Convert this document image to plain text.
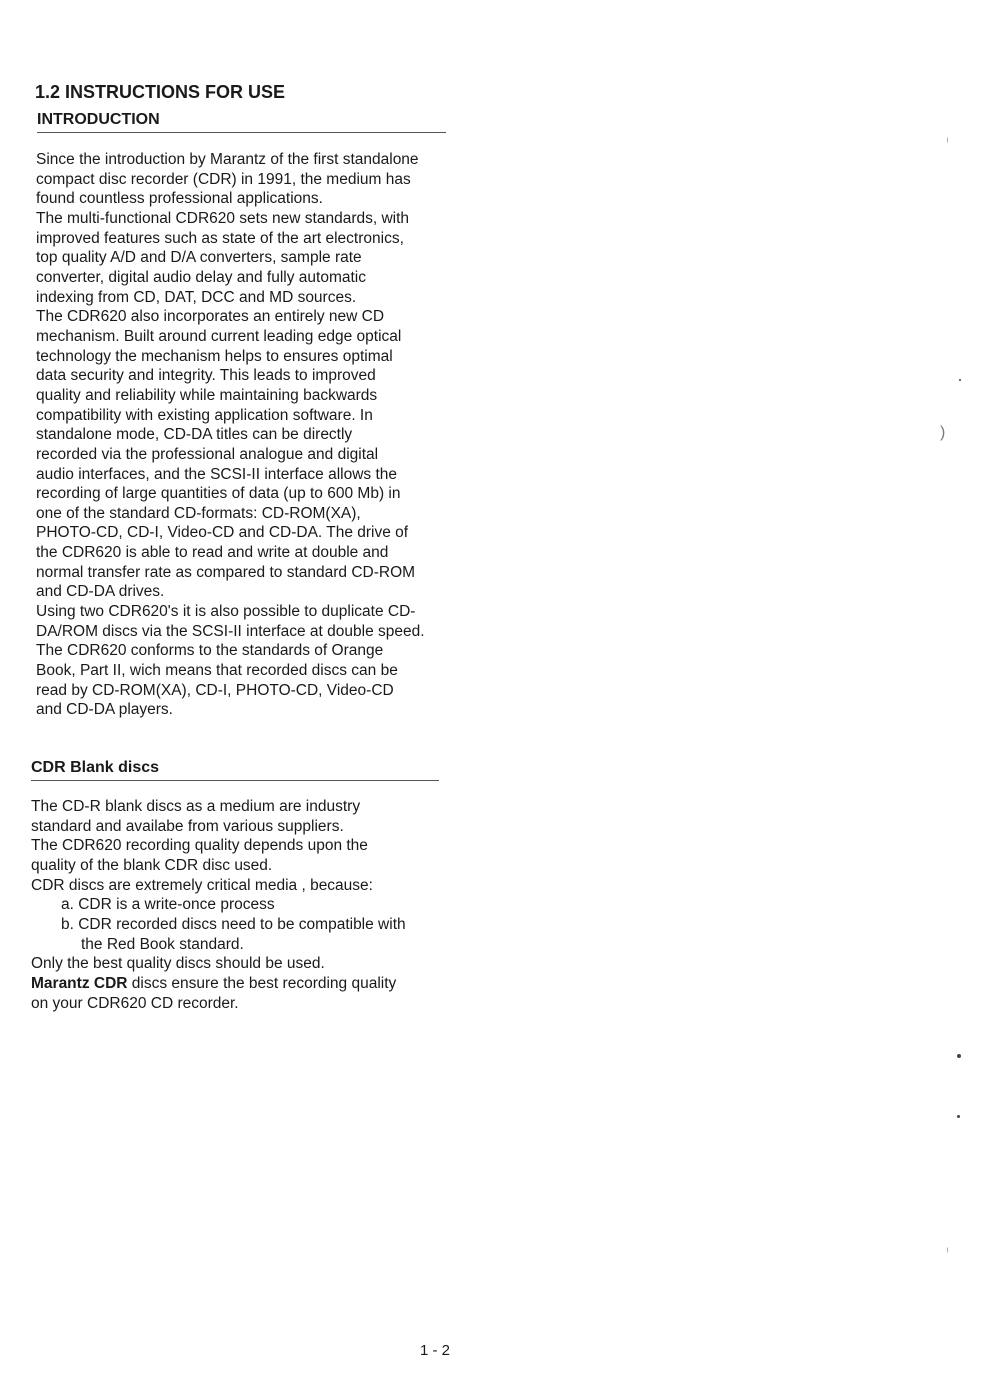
1.2 INSTRUCTIONS FOR USE
INTRODUCTION
Since the introduction by Marantz of the first standalone
compact disc recorder (CDR) in 1991, the medium has
found countless professional applications.
The multi-functional CDR620 sets new standards, with
improved features such as state of the art electronics,
top quality A/D and D/A converters, sample rate
converter, digital audio delay and fully automatic
indexing from CD, DAT, DCC and MD sources.
The CDR620 also incorporates an entirely new CD
mechanism. Built around current leading edge optical
technology the mechanism helps to ensures optimal
data security and integrity. This leads to improved
quality and reliability while maintaining backwards
compatibility with existing application software. In
standalone mode, CD-DA titles can be directly
recorded via the professional analogue and digital
audio interfaces, and the SCSI-II interface allows the
recording of large quantities of data (up to 600 Mb) in
one of the standard CD-formats: CD-ROM(XA),
PHOTO-CD, CD-I, Video-CD and CD-DA. The drive of
the CDR620 is able to read and write at double and
normal transfer rate as compared to standard CD-ROM
and CD-DA drives.
Using two CDR620's it is also possible to duplicate CD-
DA/ROM discs via the SCSI-II interface at double speed.
The CDR620 conforms to the standards of Orange
Book, Part II, wich means that recorded discs can be
read by CD-ROM(XA), CD-I, PHOTO-CD, Video-CD
and CD-DA players.
CDR Blank discs
The CD-R blank discs as a medium are industry
standard and availabe from various suppliers.
The CDR620 recording quality depends upon the
quality of the blank CDR disc used.
CDR discs are extremely critical media , because:
a. CDR is a write-once process
b. CDR recorded discs need to be compatible with
the Red Book standard.
Only the best quality discs should be used.
Marantz CDR discs ensure the best recording quality
on your CDR620 CD recorder.
1 - 2
)
